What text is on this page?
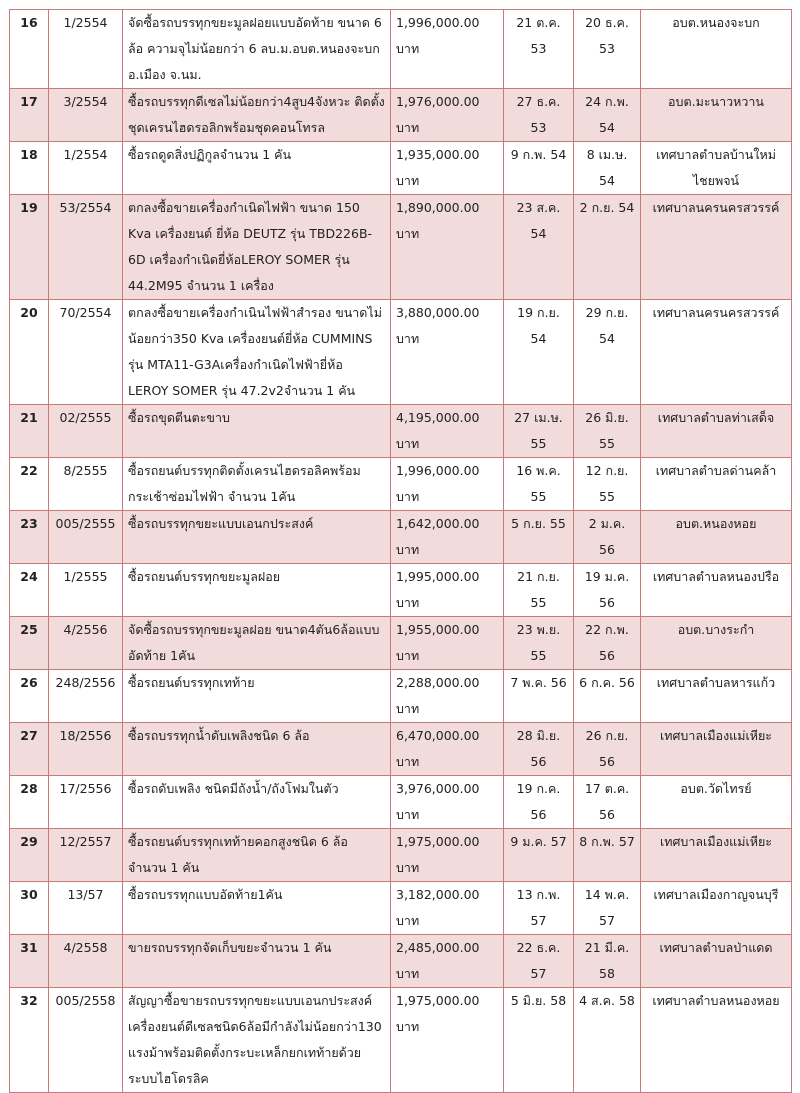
16	1/2554	จัดซื้อรถบรรทุกขยะมูลฝอยแบบอัดท้าย ขนาด 6 ล้อ ความจุไม่น้อยกว่า 6 ลบ.ม.อบต.หนองจะบก อ.เมือง จ.นม.	1,996,000.00 บาท	21 ต.ค. 53	20 ธ.ค. 53	อบต.หนองจะบก
17	3/2554	ซื้อรถบรรทุกดีเซลไม่น้อยกว่า4สูบ4จังหวะ ติดตั้งชุดเครนไฮดรอลิกพร้อมชุดคอนโทรล	1,976,000.00 บาท	27 ธ.ค. 53	24 ก.พ. 54	อบต.มะนาวหวาน
18	1/2554	ซื้อรถดูดสิ่งปฏิกูลจำนวน 1 คัน	1,935,000.00 บาท	9 ก.พ. 54	8 เม.ษ. 54	เทศบาลตำบลบ้านใหม่ไชยพจน์
19	53/2554	ตกลงซื้อขายเครื่องกำเนิดไฟฟ้า ขนาด 150 Kva เครื่องยนต์ ยี่ห้อ DEUTZ รุ่น TBD226B-6D เครื่องกำเนิดยี่ห้อLEROY SOMER รุ่น 44.2M95 จำนวน 1 เครื่อง	1,890,000.00 บาท	23 ส.ค. 54	2 ก.ย. 54	เทศบาลนครนครสวรรค์
20	70/2554	ตกลงซื้อขายเครื่องกำเนินไฟฟ้าสำรอง ขนาดไม่น้อยกว่า350 Kva เครื่องยนต์ยี่ห้อ CUMMINS รุ่น MTA11-G3Aเครื่องกำเนิดไฟฟ้ายี่ห้อ LEROY SOMER รุ่น 47.2v2จำนวน 1 คัน	3,880,000.00 บาท	19 ก.ย. 54	29 ก.ย. 54	เทศบาลนครนครสวรรค์
21	02/2555	ซื้อรถขุดตีนตะขาบ	4,195,000.00 บาท	27 เม.ษ. 55	26 มิ.ย. 55	เทศบาลตำบลท่าเสด็จ
22	8/2555	ซื้อรถยนต์บรรทุกติดตั้งเครนไฮดรอลิคพร้อมกระเช้าซ่อมไฟฟ้า จำนวน 1คัน	1,996,000.00 บาท	16 พ.ค. 55	12 ก.ย. 55	เทศบาลตำบลด่านคล้า
23	005/2555	ซื้อรถบรรทุกขยะแบบเอนกประสงค์	1,642,000.00 บาท	5 ก.ย. 55	2 ม.ค. 56	อบต.หนองหอย
24	1/2555	ซื้อรถยนต์บรรทุกขยะมูลฝอย	1,995,000.00 บาท	21 ก.ย. 55	19 ม.ค. 56	เทศบาลตำบลหนองปรือ
25	4/2556	จัดซื้อรถบรรทุกขยะมูลฝอย ขนาด4ตัน6ล้อแบบอัดท้าย 1คัน	1,955,000.00 บาท	23 พ.ย. 55	22 ก.พ. 56	อบต.บางระกำ
26	248/2556	ซื้อรถยนต์บรรทุกเทท้าย	2,288,000.00 บาท	7 พ.ค. 56	6 ก.ค. 56	เทศบาลตำบลหารแก้ว
27	18/2556	ซื้อรถบรรทุกน้ำดับเพลิงชนิด 6 ล้อ	6,470,000.00 บาท	28 มิ.ย. 56	26 ก.ย. 56	เทศบาลเมืองแม่เหียะ
28	17/2556	ซื้อรถดับเพลิง ชนิดมีถังน้ำ/ถังโฟมในตัว	3,976,000.00 บาท	19 ก.ค. 56	17 ต.ค. 56	อบต.วัดไทรย์
29	12/2557	ซื้อรถยนต์บรรทุกเทท้ายคอกสูงชนิด 6 ล้อ จำนวน 1 คัน	1,975,000.00 บาท	9 ม.ค. 57	8 ก.พ. 57	เทศบาลเมืองแม่เหียะ
30	13/57	ซื้อรถบรรทุกแบบอัดท้าย1คัน	3,182,000.00 บาท	13 ก.พ. 57	14 พ.ค. 57	เทศบาลเมืองกาญจนบุรี
31	4/2558	ขายรถบรรทุกจัดเก็บขยะจำนวน 1 คัน	2,485,000.00 บาท	22 ธ.ค. 57	21 มี.ค. 58	เทศบาลตำบลป่าแดด
32	005/2558	สัญญาซื้อขายรถบรรทุกขยะแบบเอนกประสงค์ เครื่องยนต์ดีเซลชนิด6ล้อมีกำลังไม่น้อยกว่า130 แรงม้าพร้อมติดตั้งกระบะเหล็กยกเทท้ายด้วยระบบไฮโดรลิค	1,975,000.00 บาท	5 มิ.ย. 58	4 ส.ค. 58	เทศบาลตำบลหนองหอย
